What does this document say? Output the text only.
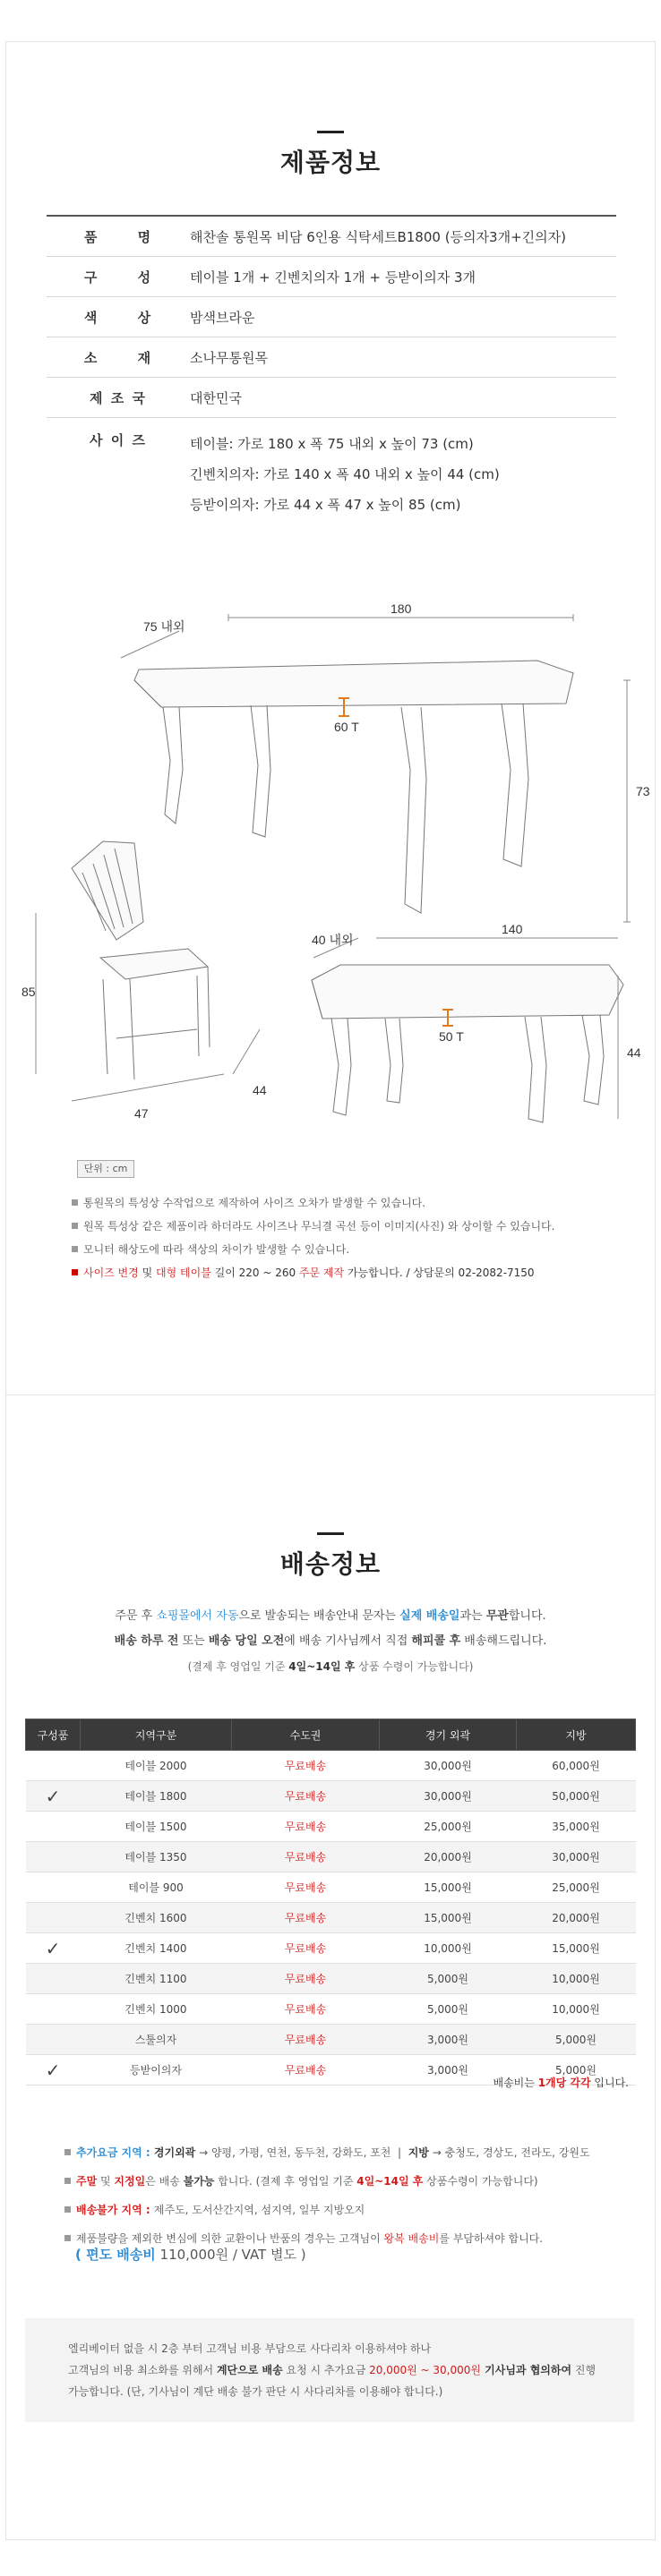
제품정보
품      명	해찬솔 통원목 비담 6인용 식탁세트B1800 (등의자3개+긴의자)
구      성	테이블 1개 + 긴벤치의자 1개 + 등받이의자 3개
색      상	밤색브라운
소      재	소나무통원목
제 조 국	대한민국
사 이 즈	테이블: 가로 180 x 폭 75 내외 x 높이 73 (cm)
긴벤치의자: 가로 140 x 폭 40 내외 x 높이 44 (cm)
등받이의자: 가로 44 x 폭 47 x 높이 85 (cm)
75 내외
180
60 T
73
85
44
47
40 내외
140
50 T
44
단위 : cm
통원목의 특성상 수작업으로 제작하여 사이즈 오차가 발생할 수 있습니다.
원목 특성상 같은 제품이라 하더라도 사이즈나 무늬결 곡선 등이 이미지(사진) 와 상이할 수 있습니다.
모니터 해상도에 따라 색상의 차이가 발생할 수 있습니다.
사이즈 변경 및 대형 테이블 길이 220 ~ 260 주문 제작 가능합니다. / 상담문의 02-2082-7150
배송정보
주문 후 쇼핑몰에서 자동으로 발송되는 배송안내 문자는 실제 배송일과는 무관합니다.
배송 하루 전 또는 배송 당일 오전에 배송 기사님께서 직접 해피콜 후 배송해드립니다.
(결제 후 영업일 기준 4일~14일 후 상품 수령이 가능합니다)
구성품	지역구분	수도권	경기 외곽	지방
	테이블 2000	무료배송	30,000원	60,000원
✓	테이블 1800	무료배송	30,000원	50,000원
	테이블 1500	무료배송	25,000원	35,000원
	테이블 1350	무료배송	20,000원	30,000원
	테이블 900	무료배송	15,000원	25,000원
	긴벤치 1600	무료배송	15,000원	20,000원
✓	긴벤치 1400	무료배송	10,000원	15,000원
	긴벤치 1100	무료배송	5,000원	10,000원
	긴벤치 1000	무료배송	5,000원	10,000원
	스툴의자	무료배송	3,000원	5,000원
✓	등받이의자	무료배송	3,000원	5,000원
배송비는 1개당 각각 입니다.
추가요금 지역 : 경기외곽 → 양평, 가평, 연천, 동두천, 강화도, 포천  | 지방 → 충청도, 경상도, 전라도, 강원도
주말 및 지정일 은 배송 불가능 합니다. (결제 후 영업일 기준 4일~14일 후 상품수령이 가능합니다)
배송불가 지역 : 제주도, 도서산간지역, 섬지역, 일부 지방오지
제품불량을 제외한 변심에 의한 교환이나 반품의 경우는 고객님이 왕복 배송비 를 부담하셔야 합니다.
( 편도 배송비 110,000원 / VAT 별도 )
엘리베이터 없을 시 2층 부터 고객님 비용 부담으로 사다리차 이용하셔야 하나
고객님의 비용 최소화를 위해서 계단으로 배송 요청 시 추가요금 20,000원 ~ 30,000원 기사님과 협의하여 진행
가능합니다. (단, 기사님이 계단 배송 불가 판단 시 사다리차를 이용해야 합니다.)
